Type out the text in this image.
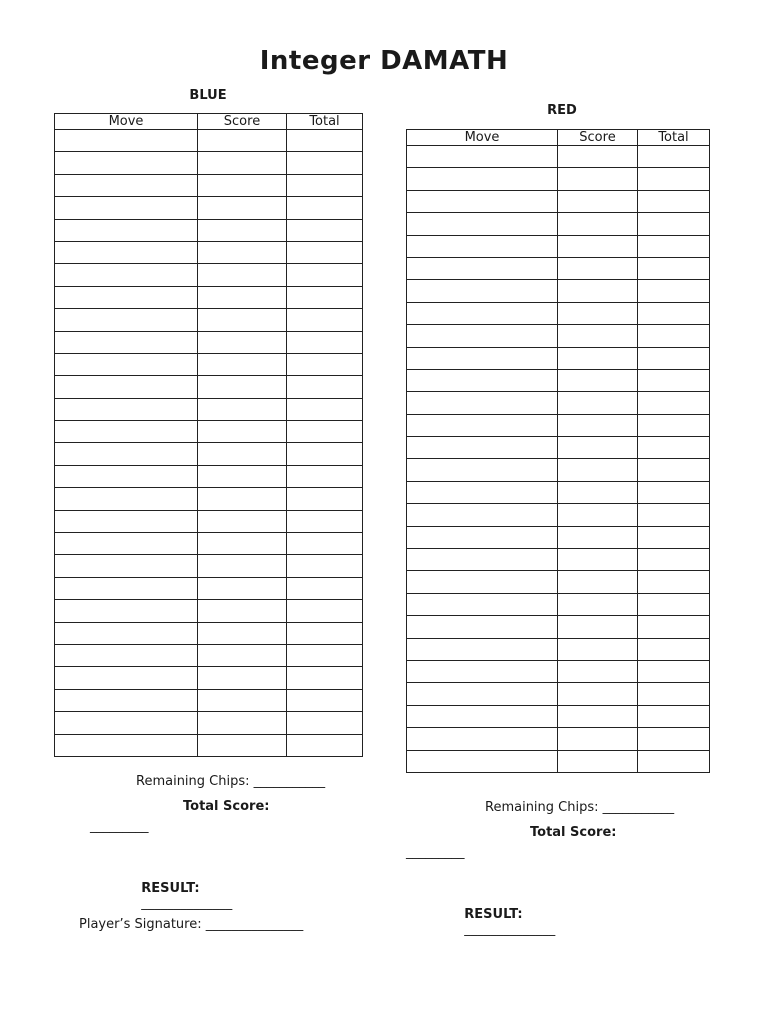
Integer DAMATH
BLUE
Move	Score	Total

Remaining Chips: ___________
Total Score:
_________

RESULT:
______________

Player’s Signature: _______________
RED
Move	Score	Total

Remaining Chips: ___________
Total Score:
_________

RESULT:
______________
